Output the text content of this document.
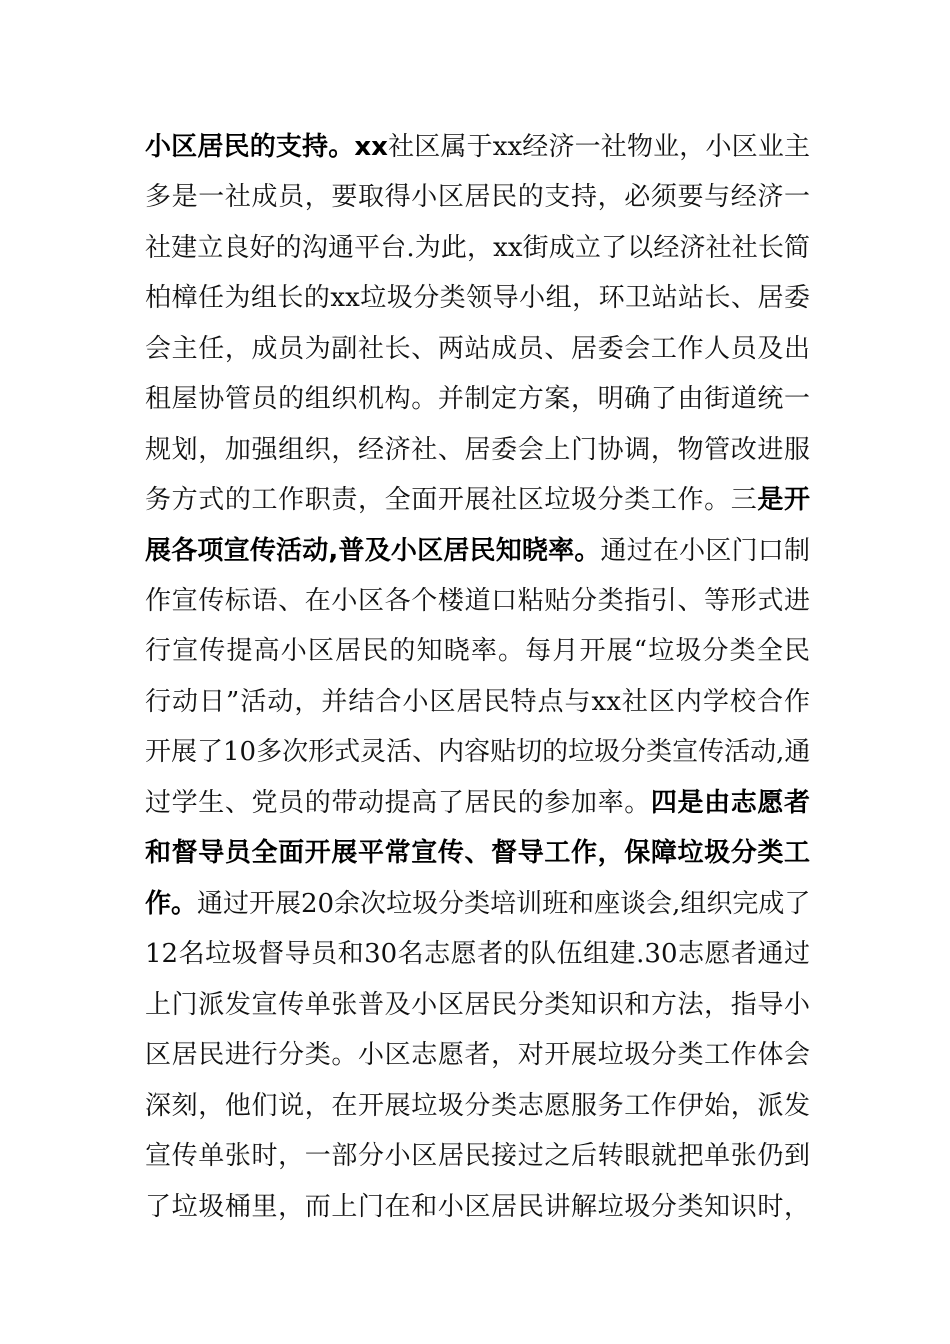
小区居民的支持。xx社区属于xx经济一社物业，小区业主
多是一社成员，要取得小区居民的支持，必须要与经济一
社建立良好的沟通平台.为此，xx街成立了以经济社社长简
柏樟任为组长的xx垃圾分类领导小组，环卫站站长、居委
会主任，成员为副社长、两站成员、居委会工作人员及出
租屋协管员的组织机构。并制定方案，明确了由街道统一
规划，加强组织，经济社、居委会上门协调，物管改进服
务方式的工作职责，全面开展社区垃圾分类工作。三是开
展各项宣传活动,普及小区居民知晓率。通过在小区门口制
作宣传标语、在小区各个楼道口粘贴分类指引、等形式进
行宣传提高小区居民的知晓率。每月开展“垃圾分类全民
行动日”活动，并结合小区居民特点与xx社区内学校合作
开展了10多次形式灵活、内容贴切的垃圾分类宣传活动,通
过学生、党员的带动提高了居民的参加率。四是由志愿者
和督导员全面开展平常宣传、督导工作，保障垃圾分类工
作。通过开展20余次垃圾分类培训班和座谈会,组织完成了
12名垃圾督导员和30名志愿者的队伍组建.30志愿者通过
上门派发宣传单张普及小区居民分类知识和方法，指导小
区居民进行分类。小区志愿者，对开展垃圾分类工作体会
深刻，他们说，在开展垃圾分类志愿服务工作伊始，派发
宣传单张时，一部分小区居民接过之后转眼就把单张仍到
了垃圾桶里，而上门在和小区居民讲解垃圾分类知识时，
